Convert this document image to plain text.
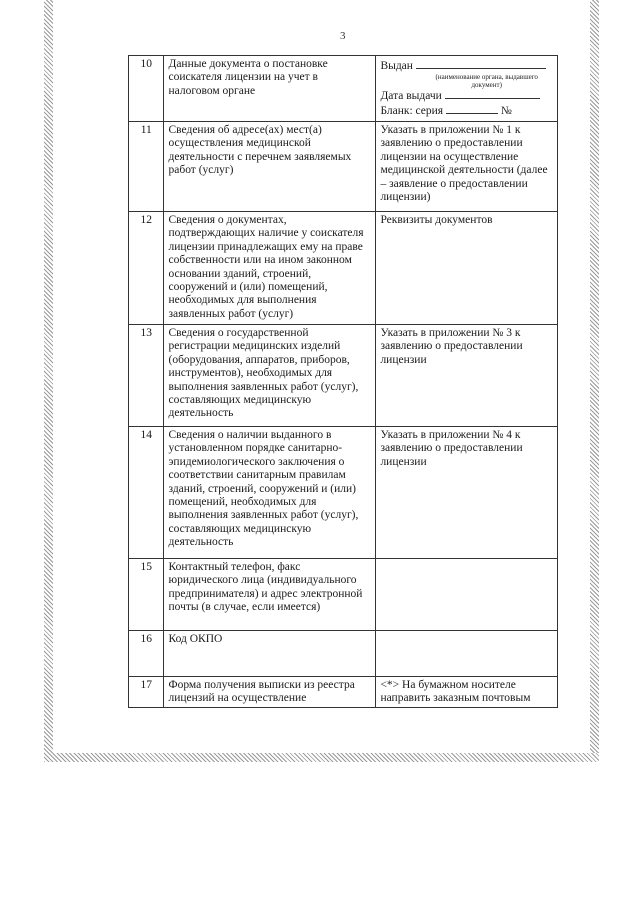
3
10	Данные документа о постановке соискателя лицензии на учет в налоговом органе	Выдан
(наименование органа, выдавшего документ)
Дата выдачи
Бланк: серия №

11	Сведения об адресе(ах) мест(а) осуществления медицинской деятельности с перечнем заявляемых работ (услуг)	Указать в приложении № 1 к заявлению о предоставлении лицензии на осуществление медицинской деятельности (далее – заявление о предоставлении лицензии)
12	Сведения о документах, подтверждающих наличие у соискателя лицензии принадлежащих ему на праве собственности или на ином законном основании зданий, строений, сооружений и (или) помещений, необходимых для выполнения заявленных работ (услуг)	Реквизиты документов
13	Сведения о государственной регистрации медицинских изделий (оборудования, аппаратов, приборов, инструментов), необходимых для выполнения заявленных работ (услуг), составляющих медицинскую деятельность	Указать в приложении № 3 к заявлению о предоставлении лицензии
14	Сведения о наличии выданного в установленном порядке санитарно-эпидемиологического заключения о соответствии санитарным правилам зданий, строений, сооружений и (или) помещений, необходимых для выполнения заявленных работ (услуг), составляющих медицинскую деятельность	Указать в приложении № 4 к заявлению о предоставлении лицензии
15	Контактный телефон, факс юридического лица (индивидуального предпринимателя) и адрес электронной почты (в случае, если имеется)	
16	Код ОКПО	
17	Форма получения выписки из реестра лицензий на осуществление	<*> На бумажном носителе направить заказным почтовым
